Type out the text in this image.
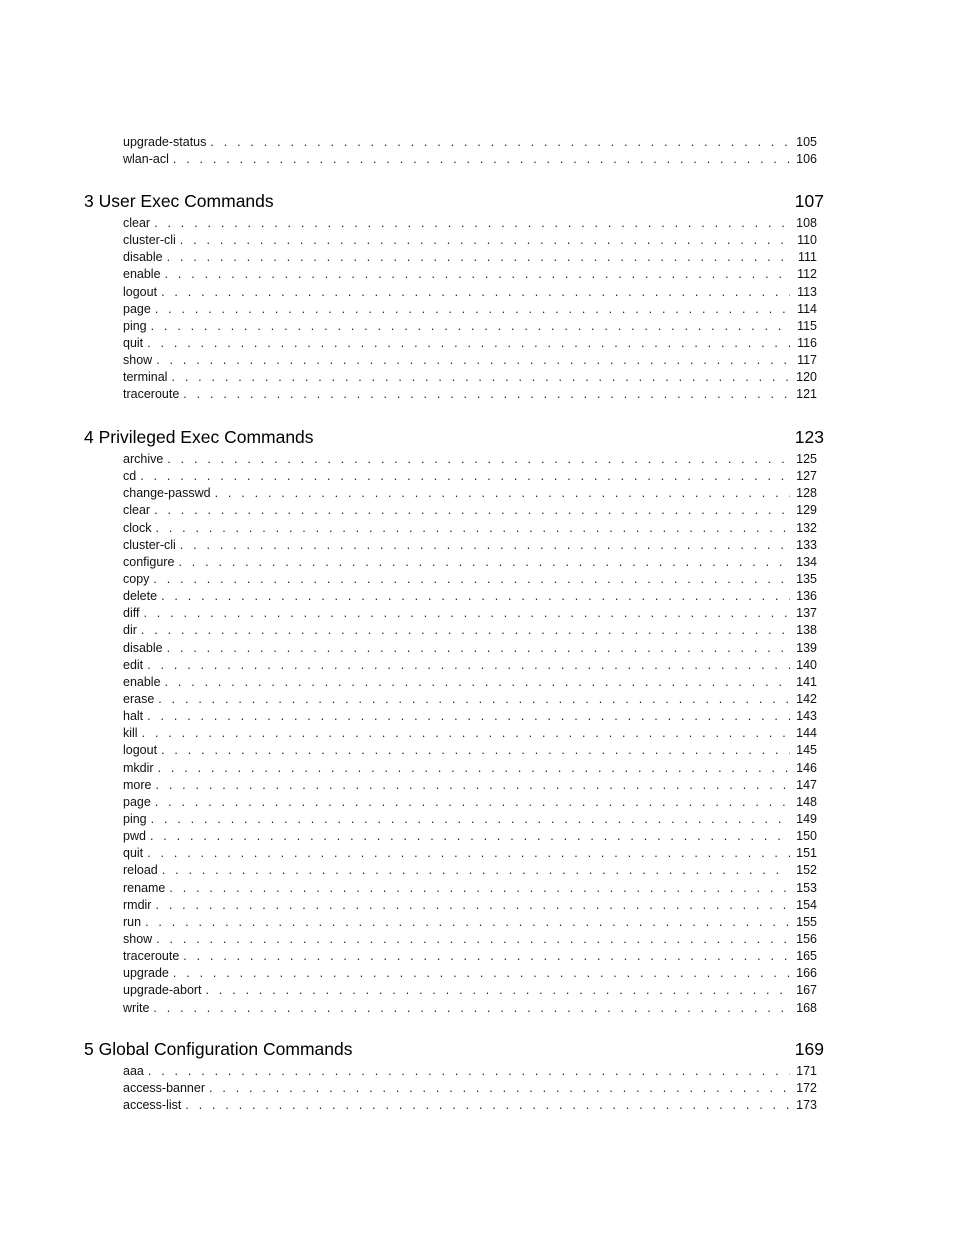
upgrade-status . . .	105
wlan-acl . . .	106
3 User Exec Commands	107
clear . . .	108
cluster-cli . . .	110
disable . . .	111
enable . . .	112
logout . . .	113
page . . .	114
ping . . .	115
quit . . .	116
show . . .	117
terminal . . .	120
traceroute . . .	121
4 Privileged Exec Commands	123
archive . . .	125
cd . . .	127
change-passwd . . .	128
clear . . .	129
clock . . .	132
cluster-cli . . .	133
configure . . .	134
copy . . .	135
delete . . .	136
diff . . .	137
dir . . .	138
disable . . .	139
edit . . .	140
enable . . .	141
erase . . .	142
halt . . .	143
kill . . .	144
logout . . .	145
mkdir . . .	146
more . . .	147
page . . .	148
ping . . .	149
pwd . . .	150
quit . . .	151
reload . . .	152
rename . . .	153
rmdir . . .	154
run . . .	155
show . . .	156
traceroute . . .	165
upgrade . . .	166
upgrade-abort . . .	167
write . . .	168
5 Global Configuration Commands	169
aaa . . .	171
access-banner . . .	172
access-list . . .	173
